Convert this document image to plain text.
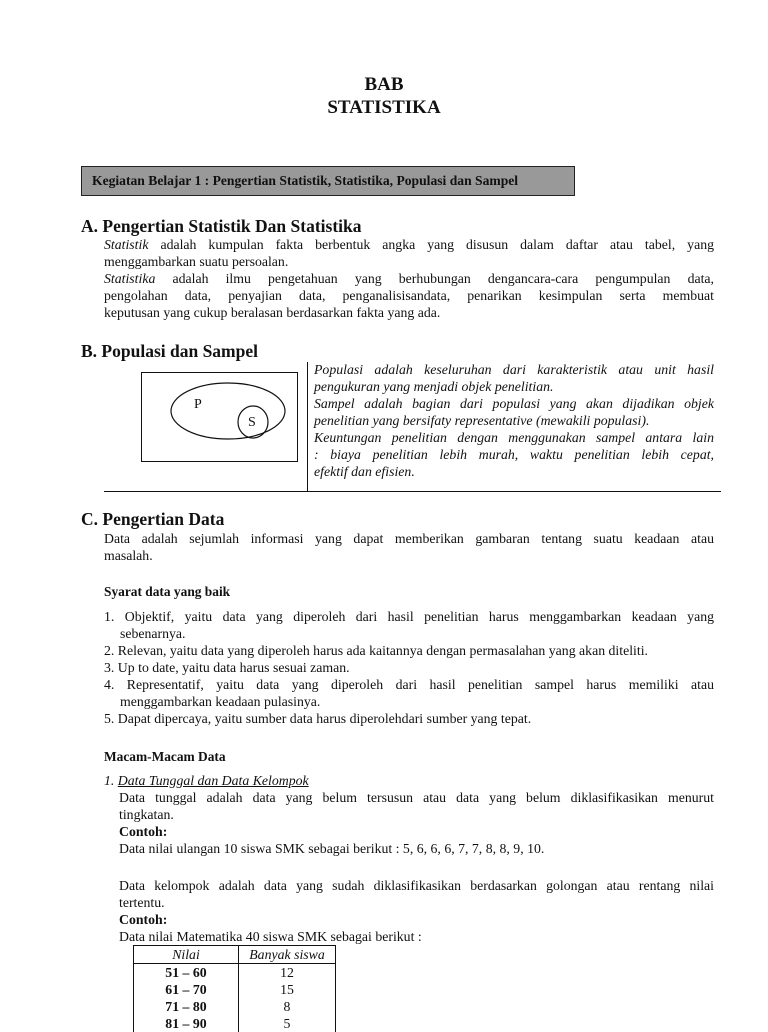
BAB
STATISTIKA
Kegiatan Belajar 1 : Pengertian Statistik, Statistika, Populasi dan Sampel
A. Pengertian Statistik Dan Statistika
Statistik adalah kumpulan fakta berbentuk angka yang disusun dalam daftar atau tabel, yang
menggambarkan suatu persoalan.
Statistika adalah ilmu pengetahuan yang berhubungan dengancara-cara pengumpulan data,
pengolahan data, penyajian data, penganalisisandata, penarikan kesimpulan serta membuat
keputusan yang cukup beralasan berdasarkan fakta yang ada.
B. Populasi dan Sampel
P
S
Populasi adalah keseluruhan dari karakteristik atau unit hasil
pengukuran yang menjadi objek penelitian.
Sampel adalah bagian dari populasi yang akan dijadikan objek
penelitian yang bersifaty representative (mewakili populasi).
Keuntungan penelitian dengan menggunakan sampel antara lain
: biaya penelitian lebih murah, waktu penelitian lebih cepat,
efektif dan efisien.
C. Pengertian Data
Data adalah sejumlah informasi yang dapat memberikan gambaran tentang suatu keadaan atau
masalah.
Syarat data yang baik
1. Objektif, yaitu data yang diperoleh dari hasil penelitian harus menggambarkan keadaan yang
sebenarnya.
2. Relevan, yaitu data yang diperoleh harus ada kaitannya dengan permasalahan yang akan diteliti.
3. Up to date, yaitu data harus sesuai zaman.
4. Representatif, yaitu data yang diperoleh dari hasil penelitian sampel harus memiliki atau
menggambarkan keadaan pulasinya.
5. Dapat dipercaya, yaitu sumber data harus diperolehdari sumber yang tepat.
Macam-Macam Data
1. Data Tunggal dan Data Kelompok
Data tunggal adalah data yang belum tersusun atau data yang belum diklasifikasikan menurut
tingkatan.
Contoh:
Data nilai ulangan 10 siswa SMK sebagai berikut : 5, 6, 6, 6, 7, 7, 8, 8, 9, 10.
Data kelompok adalah data yang sudah diklasifikasikan berdasarkan golongan atau rentang nilai
tertentu.
Contoh:
Data nilai Matematika 40 siswa SMK sebagai berikut :
Nilai	Banyak siswa
51 – 60	12
61 – 70	15
71 – 80	8
81 – 90	5
